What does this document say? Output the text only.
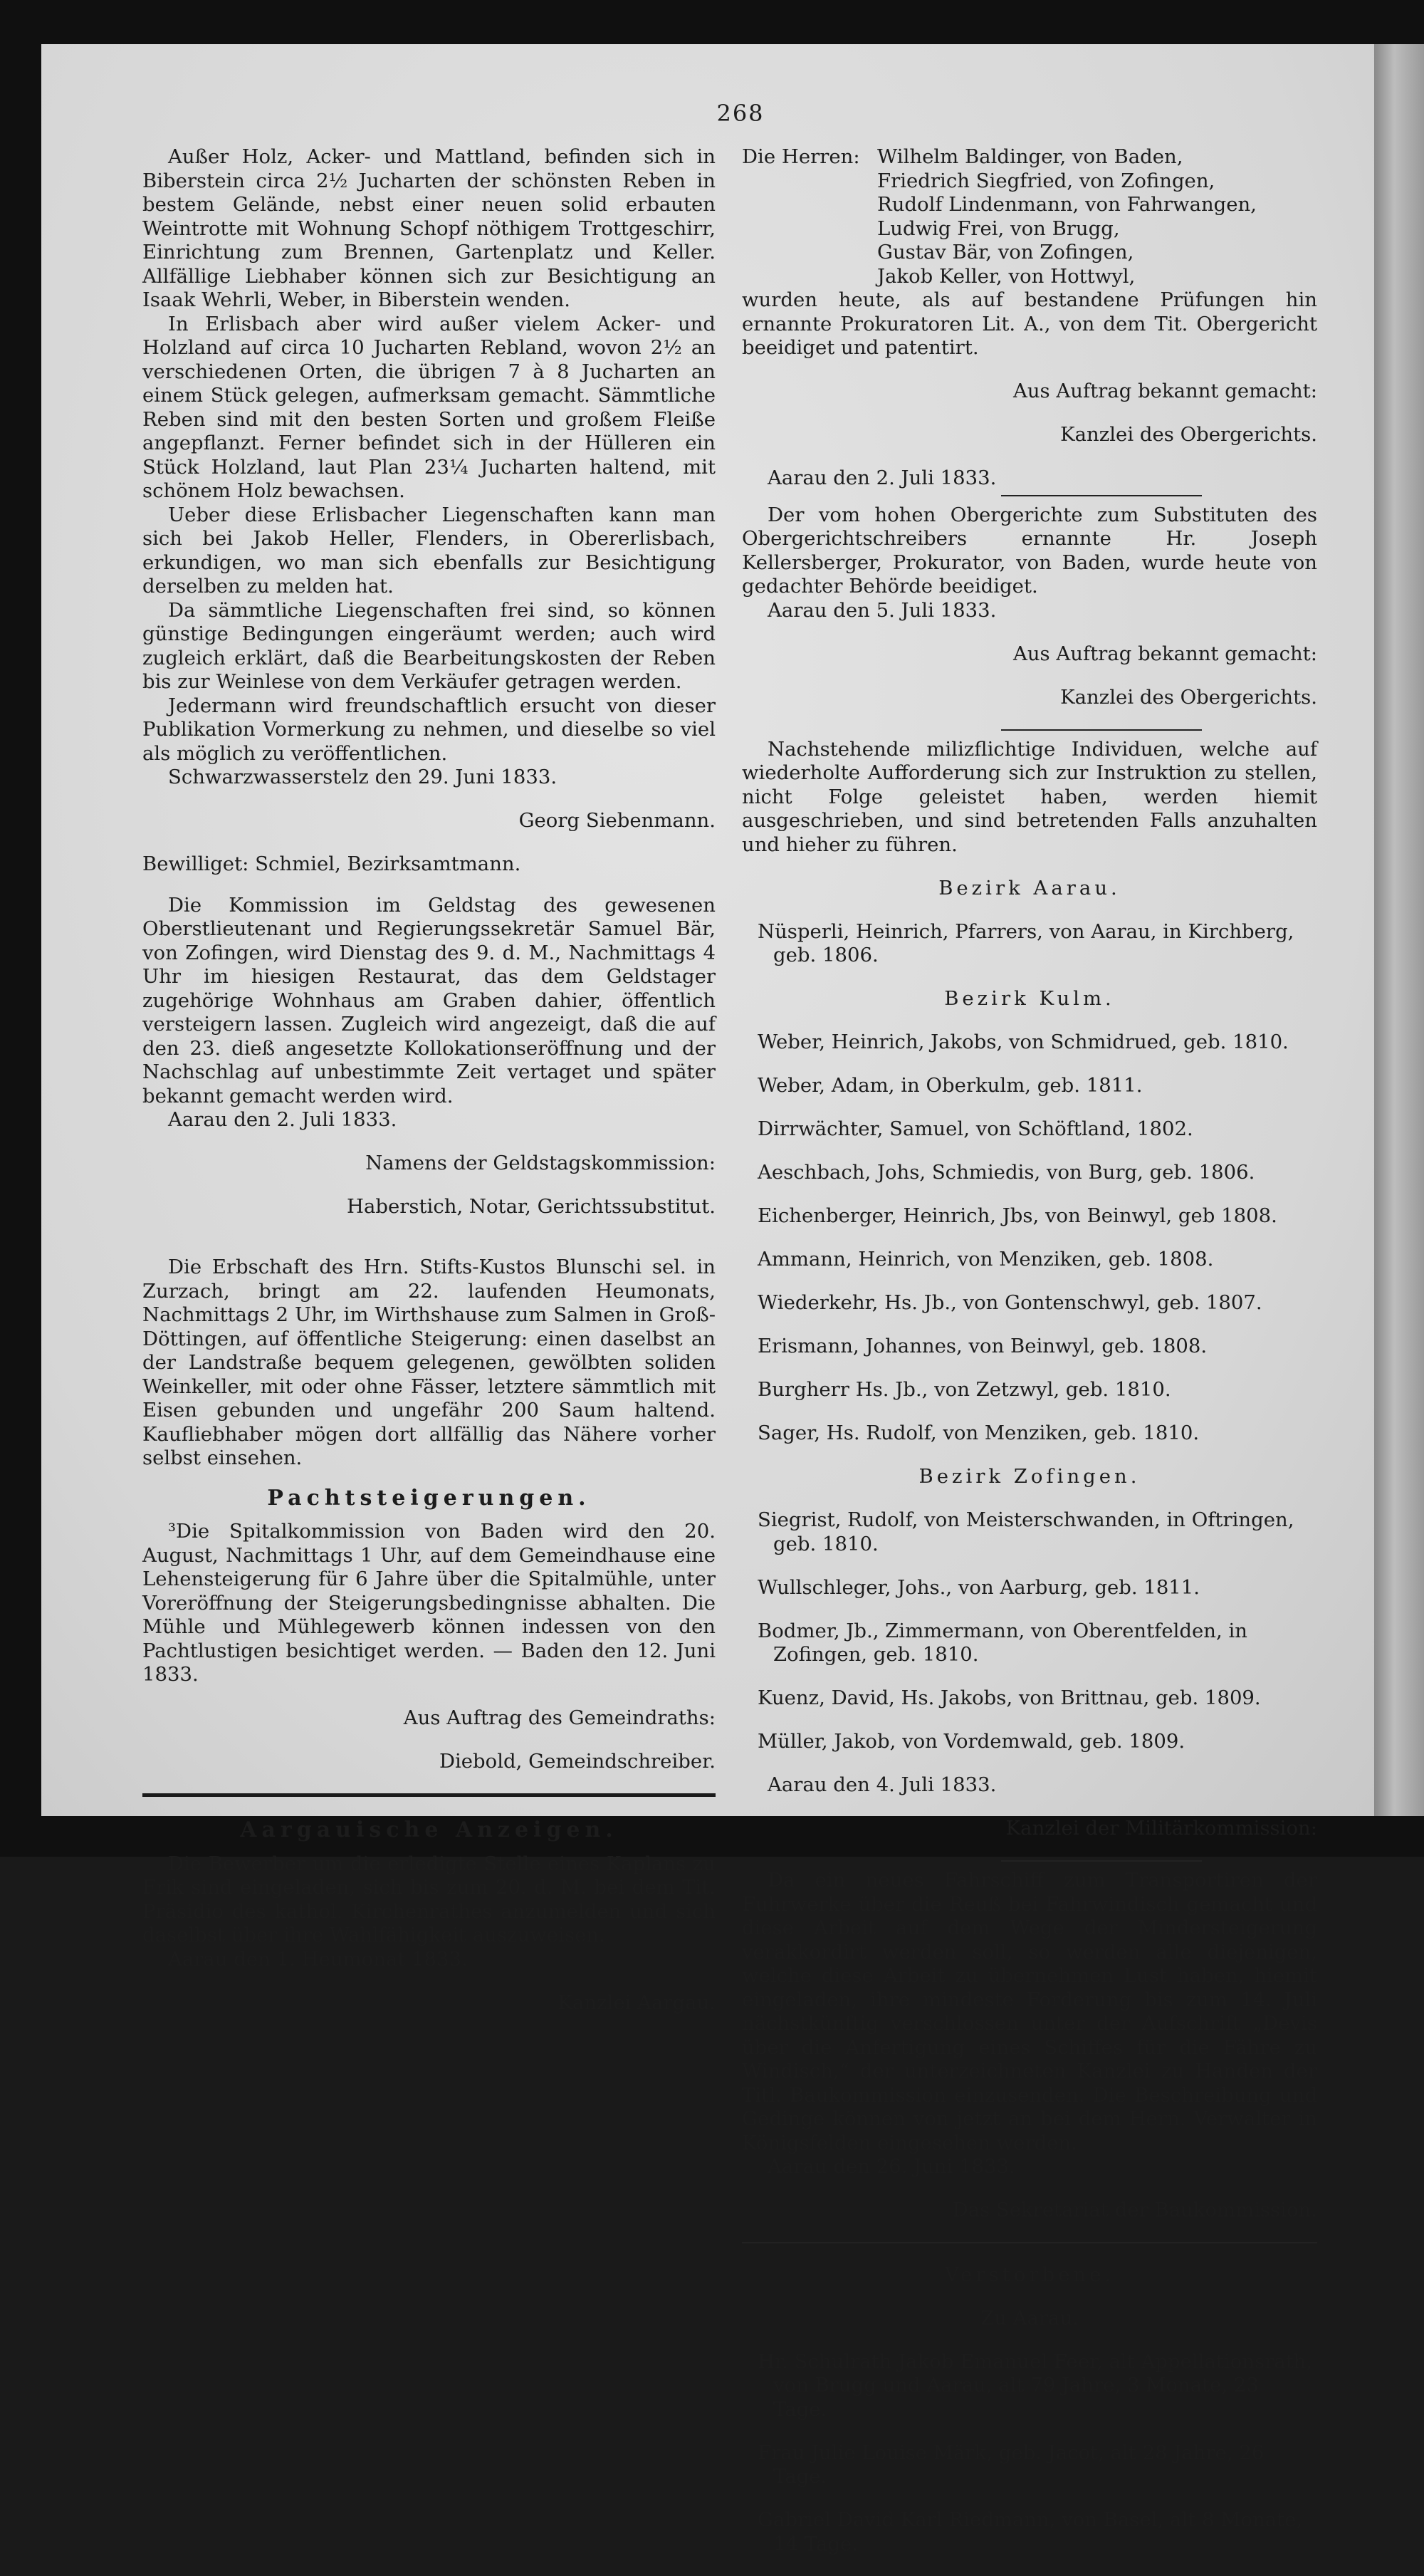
268

Außer Holz, Acker- und Mattland, befinden sich in Biberstein circa 2½ Jucharten der schönsten Reben in bestem Gelände, nebst einer neuen solid erbauten Weintrotte mit Wohnung Schopf nöthigem Trottgeschirr, Einrichtung zum Brennen, Gartenplatz und Keller. Allfällige Liebhaber können sich zur Besichtigung an Isaak Wehrli, Weber, in Biberstein wenden.

In Erlisbach aber wird außer vielem Acker- und Holzland auf circa 10 Jucharten Rebland, wovon 2½ an verschiedenen Orten, die übrigen 7 à 8 Jucharten an einem Stück gelegen, aufmerksam gemacht. Sämmtliche Reben sind mit den besten Sorten und großem Fleiße angepflanzt. Ferner befindet sich in der Hülleren ein Stück Holzland, laut Plan 23¼ Jucharten haltend, mit schönem Holz bewachsen.

Ueber diese Erlisbacher Liegenschaften kann man sich bei Jakob Heller, Flenders, in Obererlisbach, erkundigen, wo man sich ebenfalls zur Besichtigung derselben zu melden hat.

Da sämmtliche Liegenschaften frei sind, so können günstige Bedingungen eingeräumt werden; auch wird zugleich erklärt, daß die Bearbeitungskosten der Reben bis zur Weinlese von dem Verkäufer getragen werden.

Jedermann wird freundschaftlich ersucht von dieser Publikation Vormerkung zu nehmen, und dieselbe so viel als möglich zu veröffentlichen.

Schwarzwasserstelz den 29. Juni 1833.

Georg Siebenmann.

Bewilliget: Schmiel, Bezirksamtmann.

Die Kommission im Geldstag des gewesenen Oberstlieutenant und Regierungssekretär Samuel Bär, von Zofingen, wird Dienstag des 9. d. M., Nachmittags 4 Uhr im hiesigen Restaurat, das dem Geldstager zugehörige Wohnhaus am Graben dahier, öffentlich versteigern lassen. Zugleich wird angezeigt, daß die auf den 23. dieß angesetzte Kollokationseröffnung und der Nachschlag auf unbestimmte Zeit vertaget und später bekannt gemacht werden wird.

Aarau den 2. Juli 1833.

Namens der Geldstagskommission:

Haberstich, Notar, Gerichtssubstitut.

Die Erbschaft des Hrn. Stifts-Kustos Blunschi sel. in Zurzach, bringt am 22. laufenden Heumonats, Nachmittags 2 Uhr, im Wirthshause zum Salmen in Groß-Döttingen, auf öffentliche Steigerung: einen daselbst an der Landstraße bequem gelegenen, gewölbten soliden Weinkeller, mit oder ohne Fässer, letztere sämmtlich mit Eisen gebunden und ungefähr 200 Saum haltend. Kaufliebhaber mögen dort allfällig das Nähere vorher selbst einsehen.

Pachtsteigerungen.

³Die Spitalkommission von Baden wird den 20. August, Nachmittags 1 Uhr, auf dem Gemeindhause eine Lehensteigerung für 6 Jahre über die Spitalmühle, unter Voreröffnung der Steigerungsbedingnisse abhalten. Die Mühle und Mühlegewerb können indessen von den Pachtlustigen besichtiget werden. — Baden den 12. Juni 1833.

Aus Auftrag des Gemeindraths:

Diebold, Gemeindschreiber.

Aargauische Anzeigen.

Die Bewerber um die erledigte Stelle eines Kaplans zu Frik sind eingeladen, sich bis zum 20. d. M. bei dem Tit. Präsidio des kathol. Kirchenrathes anzumelden und sich daselbst über ihre Wahlfähigkeit auszuweisen.

Aarau den 1. Heumonat 1833.

Kanzlei Aargau.

Die Herren: Wilhelm Baldinger, von Baden,
Friedrich Siegfried, von Zofingen,
Rudolf Lindenmann, von Fahrwangen,
Ludwig Frei, von Brugg,
Gustav Bär, von Zofingen,
Jakob Keller, von Hottwyl,

wurden heute, als auf bestandene Prüfungen hin ernannte Prokuratoren Lit. A., von dem Tit. Obergericht beeidiget und patentirt.

Aus Auftrag bekannt gemacht:

Kanzlei des Obergerichts.

Aarau den 2. Juli 1833.

Der vom hohen Obergerichte zum Substituten des Obergerichtschreibers ernannte Hr. Joseph Kellersberger, Prokurator, von Baden, wurde heute von gedachter Behörde beeidiget.

Aarau den 5. Juli 1833.

Aus Auftrag bekannt gemacht:

Kanzlei des Obergerichts.

Nachstehende milizflichtige Individuen, welche auf wiederholte Aufforderung sich zur Instruktion zu stellen, nicht Folge geleistet haben, werden hiemit ausgeschrieben, und sind betretenden Falls anzuhalten und hieher zu führen.

Bezirk Aarau.

Nüsperli, Heinrich, Pfarrers, von Aarau, in Kirchberg, geb. 1806.

Bezirk Kulm.

Weber, Heinrich, Jakobs, von Schmidrued, geb. 1810.

Weber, Adam, in Oberkulm, geb. 1811.

Dirrwächter, Samuel, von Schöftland, 1802.

Aeschbach, Johs, Schmiedis, von Burg, geb. 1806.

Eichenberger, Heinrich, Jbs, von Beinwyl, geb 1808.

Ammann, Heinrich, von Menziken, geb. 1808.

Wiederkehr, Hs. Jb., von Gontenschwyl, geb. 1807.

Erismann, Johannes, von Beinwyl, geb. 1808.

Burgherr Hs. Jb., von Zetzwyl, geb. 1810.

Sager, Hs. Rudolf, von Menziken, geb. 1810.

Bezirk Zofingen.

Siegrist, Rudolf, von Meisterschwanden, in Oftringen, geb. 1810.

Wullschleger, Johs., von Aarburg, geb. 1811.

Bodmer, Jb., Zimmermann, von Oberentfelden, in Zofingen, geb. 1810.

Kuenz, David, Hs. Jakobs, von Brittnau, geb. 1809.

Müller, Jakob, von Vordemwald, geb. 1809.

Aarau den 4. Juli 1833.

Kanzlei der Militärkommission:

Da ein neues Fahrschiff zum Transportiren der Fuhrwerke über die Reuß bei Fahrwindisch gemacht und diese Arbeit auf dem Wege der Mindersteigerung verakkordirt werden soll, so werden alle diejenigen, welche diese Arbeit zu übernehmen Lust haben, hiemit eingeladen, ihre mindeste Forderung bis zum 14. Juli nächstkünftig verschlossen unter der Aufschrift „Devis über die Anfertigung eines Schiffes für die Fähre zu Windisch,“ der unterzeichneten Kanzlei zu Handen der Titl. Baukommission einzusenden. Die Beschreibung und Gedinge können von jetzt an bei dem Hern. Verwalter in Königsfelden eingesehen werden.

Aarau den 26. Juni 1833.

Das Sekretariat der Baukommission.

Verstorbene.

Zu Aarau.

Hr. Schulrath Jakob Emanuel Feer, alt Appellationsrath, von Brugg und Aarau, alt 79 Jahre, 3 Monate, 23 Tage.

Frau Julie Louise Märk, geb. Jacot, alt 28 Jahre, 26 Tage.

Gabriel David Karl Riedmann, von Basel, alt 8 Monate, 14 Tage.
